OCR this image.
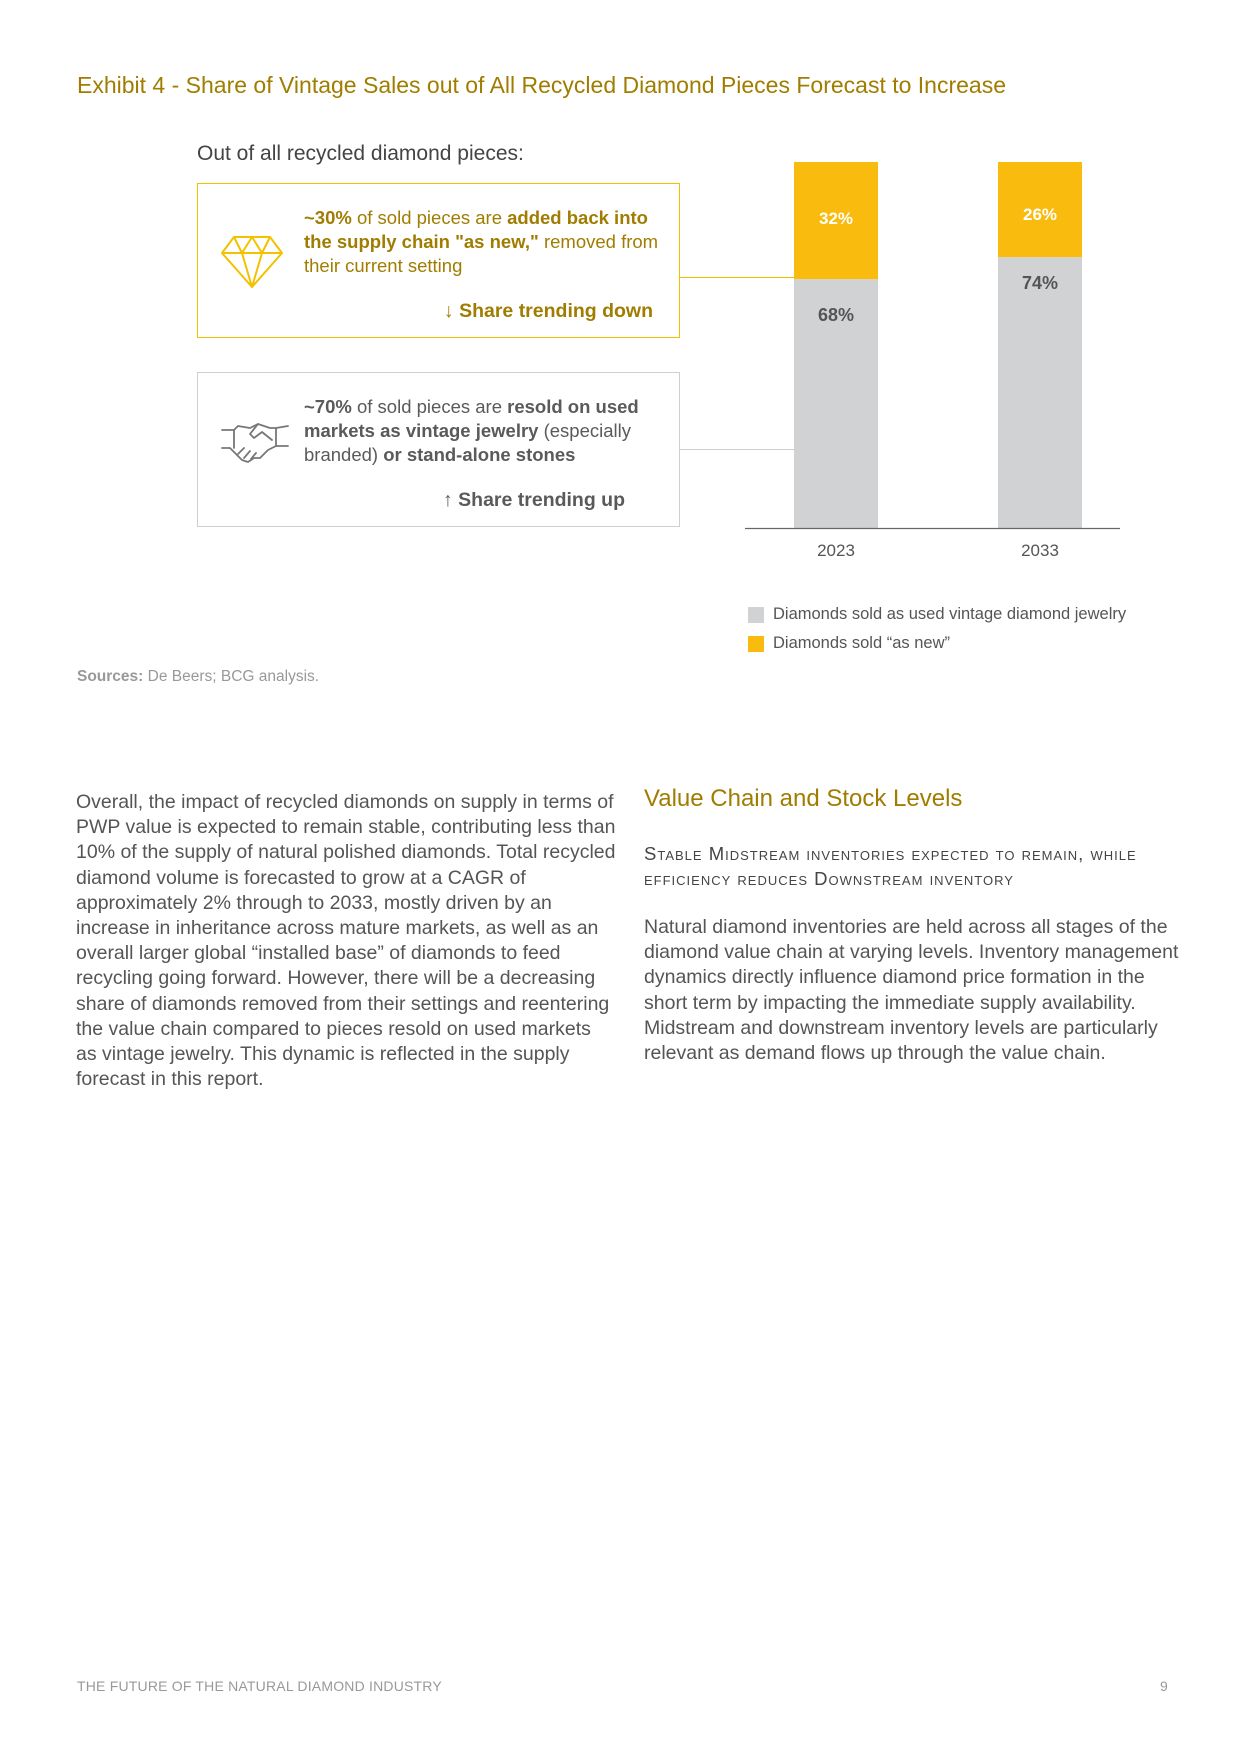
Exhibit 4 - Share of Vintage Sales out of All Recycled Diamond Pieces Forecast to Increase
Out of all recycled diamond pieces:
~30% of sold pieces are added back into the supply chain "as new," removed from their current setting
↓ Share trending down
~70% of sold pieces are resold on used markets as vintage jewelry (especially branded) or stand-alone stones
↑ Share trending up
68%
32%
2023
74%
26%
2033
Diamonds sold as used vintage diamond jewelry
Diamonds sold “as new”
Sources: De Beers; BCG analysis.
Overall, the impact of recycled diamonds on supply in terms of PWP value is expected to remain stable, contributing less than 10% of the supply of natural polished diamonds. Total recycled diamond volume is forecasted to grow at a CAGR of approximately 2% through to 2033, mostly driven by an increase in inheritance across mature markets, as well as an overall larger global “installed base” of diamonds to feed recycling going forward. However, there will be a decreasing share of diamonds removed from their settings and reentering the value chain compared to pieces resold on used markets as vintage jewelry. This dynamic is reflected in the supply forecast in this report.
Value Chain and Stock Levels
Stable Midstream inventories expected to remain, while efficiency reduces Downstream inventory
Natural diamond inventories are held across all stages of the diamond value chain at varying levels. Inventory management dynamics directly influence diamond price formation in the short term by impacting the immediate supply availability. Midstream and downstream inventory levels are particularly relevant as demand flows up through the value chain.
THE FUTURE OF THE NATURAL DIAMOND INDUSTRY	9
